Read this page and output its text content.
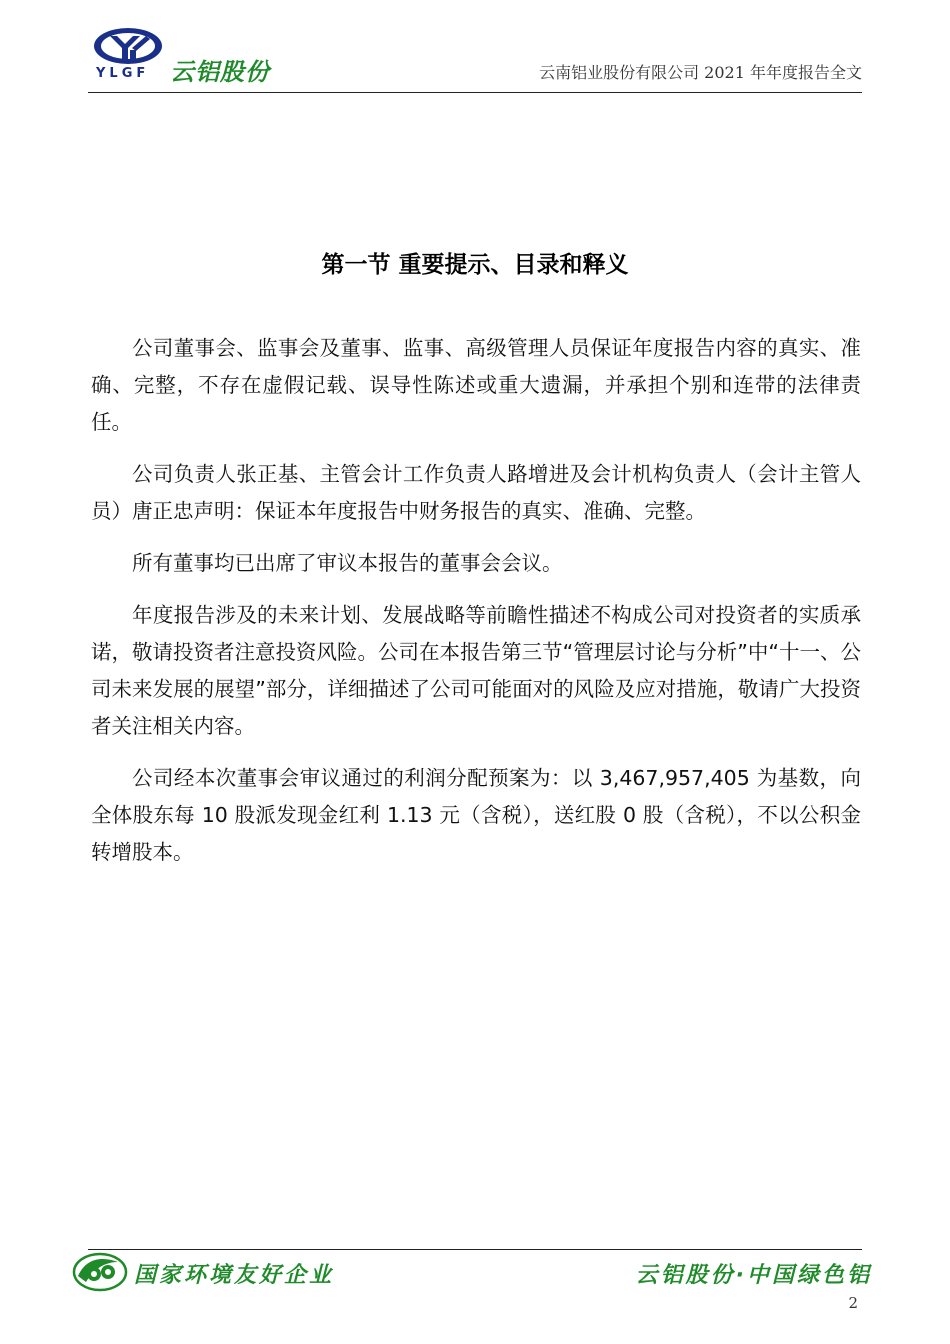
YLGF 云铝股份	云南铝业股份有限公司 2021 年年度报告全文
第一节 重要提示、目录和释义

公司董事会、监事会及董事、监事、高级管理人员保证年度报告内容的真实、准确、完整，不存在虚假记载、误导性陈述或重大遗漏，并承担个别和连带的法律责任。

公司负责人张正基、主管会计工作负责人路增进及会计机构负责人（会计主管人员）唐正忠声明：保证本年度报告中财务报告的真实、准确、完整。

所有董事均已出席了审议本报告的董事会会议。

年度报告涉及的未来计划、发展战略等前瞻性描述不构成公司对投资者的实质承诺，敬请投资者注意投资风险。公司在本报告第三节“管理层讨论与分析”中“十一、公司未来发展的展望”部分，详细描述了公司可能面对的风险及应对措施，敬请广大投资者关注相关内容。

公司经本次董事会审议通过的利润分配预案为：以 3,467,957,405 为基数，向全体股东每 10 股派发现金红利 1.13 元（含税），送红股 0 股（含税），不以公积金转增股本。

国家环境友好企业	云铝股份·中国绿色铝
2
